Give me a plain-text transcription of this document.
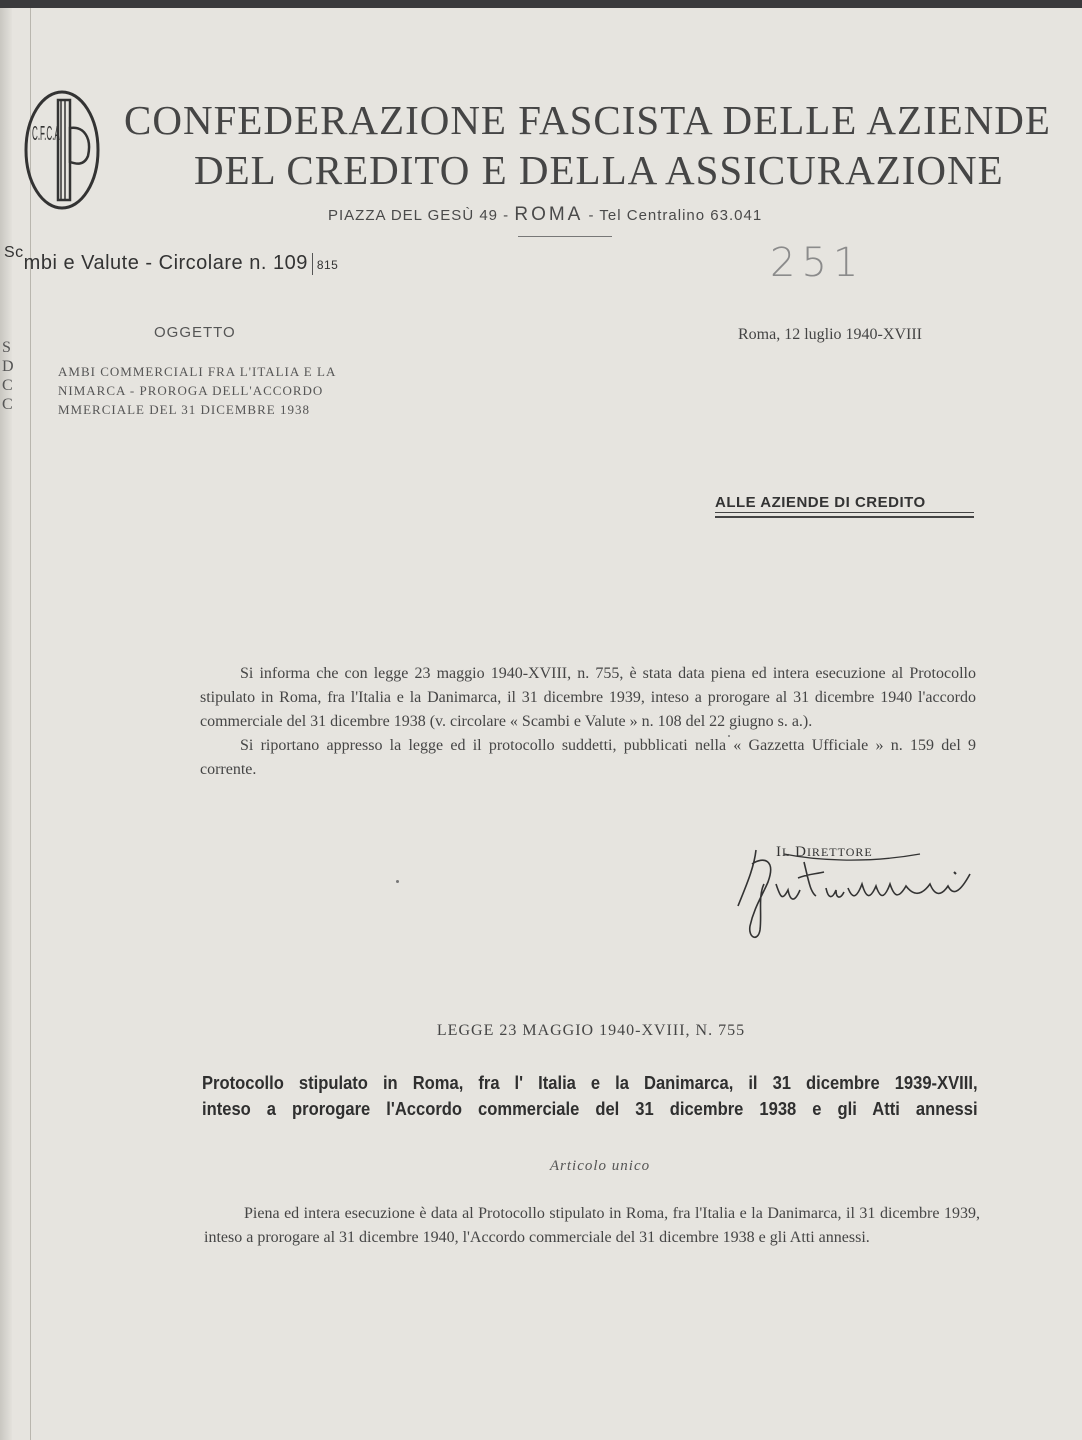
C.F.C.A. CONFEDERAZIONE FASCISTA DELLE AZIENDE
DEL CREDITO E DELLA ASSICURAZIONE
PIAZZA DEL GESÙ 49 - ROMA - Tel Centralino 63.041
$^{Sc}$mbi e Valute - Circolare n. 109 815	251
OGGETTO	Roma, 12 luglio 1940-XVIII
S
D
C
C
AMBI COMMERCIALI FRA L'ITALIA E LA
NIMARCA - PROROGA DELL'ACCORDO
MMERCIALE DEL 31 DICEMBRE 1938
ALLE AZIENDE DI CREDITO

Si informa che con legge 23 maggio 1940-XVIII, n. 755, è stata data piena ed intera esecuzione al Protocollo stipulato in Roma, fra l'Italia e la Danimarca, il 31 dicembre 1939, inteso a prorogare al 31 dicembre 1940 l'accordo commerciale del 31 dicembre 1938 (v. circolare « Scambi e Valute » n. 108 del 22 giugno s. a.).

Si riportano appresso la legge ed il protocollo suddetti, pubblicati nella « Gazzetta Ufficiale » n. 159 del 9 corrente.

IL DIRETTORE
LEGGE 23 MAGGIO 1940-XVIII, N. 755

Protocollo stipulato in Roma, fra l' Italia e la Danimarca, il 31 dicembre 1939-XVIII,

inteso a prorogare l'Accordo commerciale del 31 dicembre 1938 e gli Atti annessi

Articolo unico

Piena ed intera esecuzione è data al Protocollo stipulato in Roma, fra l'Italia e la Danimarca, il 31 dicembre 1939, inteso a prorogare al 31 dicembre 1940, l'Accordo commerciale del 31 dicembre 1938 e gli Atti annessi.
